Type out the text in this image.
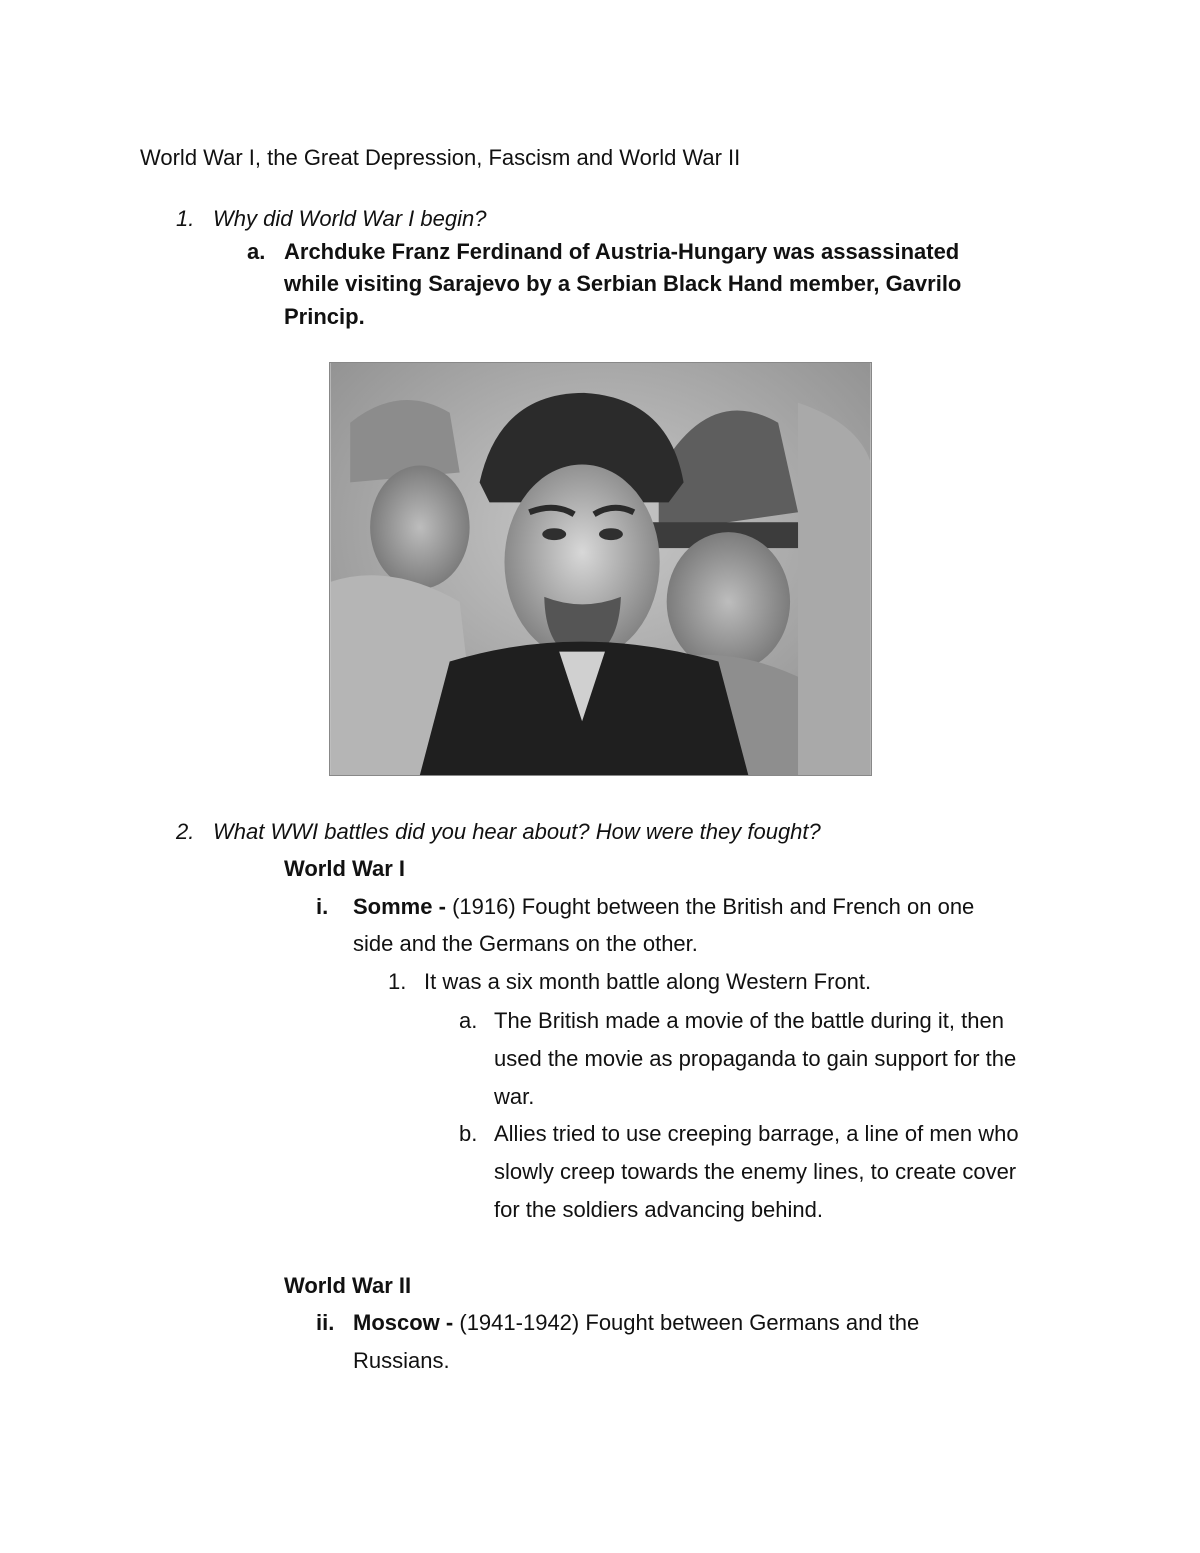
World War I, the Great Depression, Fascism and World War II
1. Why did World War I begin?
a. Archduke Franz Ferdinand of Austria-Hungary was assassinated
while visiting Sarajevo by a Serbian Black Hand member, Gavrilo
Princip.
2. What WWI battles did you hear about? How were they fought?
World War I
i. Somme - (1916) Fought between the British and French on one
side and the Germans on the other.
1. It was a six month battle along Western Front.
a. The British made a movie of the battle during it, then
used the movie as propaganda to gain support for the
war.
b. Allies tried to use creeping barrage, a line of men who
slowly creep towards the enemy lines, to create cover
for the soldiers advancing behind.
World War II
ii. Moscow - (1941-1942) Fought between Germans and the
Russians.
